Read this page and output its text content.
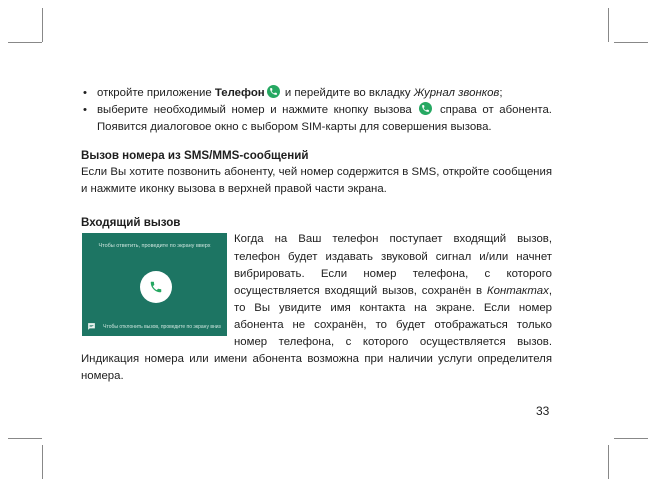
• откройте приложение Телефон
и перейдите во вкладку Журнал звонков;
• выберите необходимый номер и нажмите кнопку вызова
справа от абонента. Появится диалоговое окно с выбором SIM-карты для совершения вызова.
Вызов номера из SMS/MMS-сообщений

Если Вы хотите позвонить абоненту, чей номер содержится в SMS, откройте сообщения и нажмите иконку вызова в верхней правой части экрана.

Входящий вызов
Чтобы ответить, проведите по экрану вверх
Чтобы отклонить вызов, проведите по экрану вниз

Когда на Ваш телефон поступает входящий вызов, телефон будет издавать звуковой сигнал и/или начнет вибрировать. Если номер телефона, с которого осуществляется входящий вызов, сохранён в Контактах, то Вы увидите имя контакта на экране. Если номер абонента не сохранён, то будет отображаться только номер телефона, с которого осуществляется вызов. Индикация номера или имени абонента возможна при наличии услуги определителя номера.

33
